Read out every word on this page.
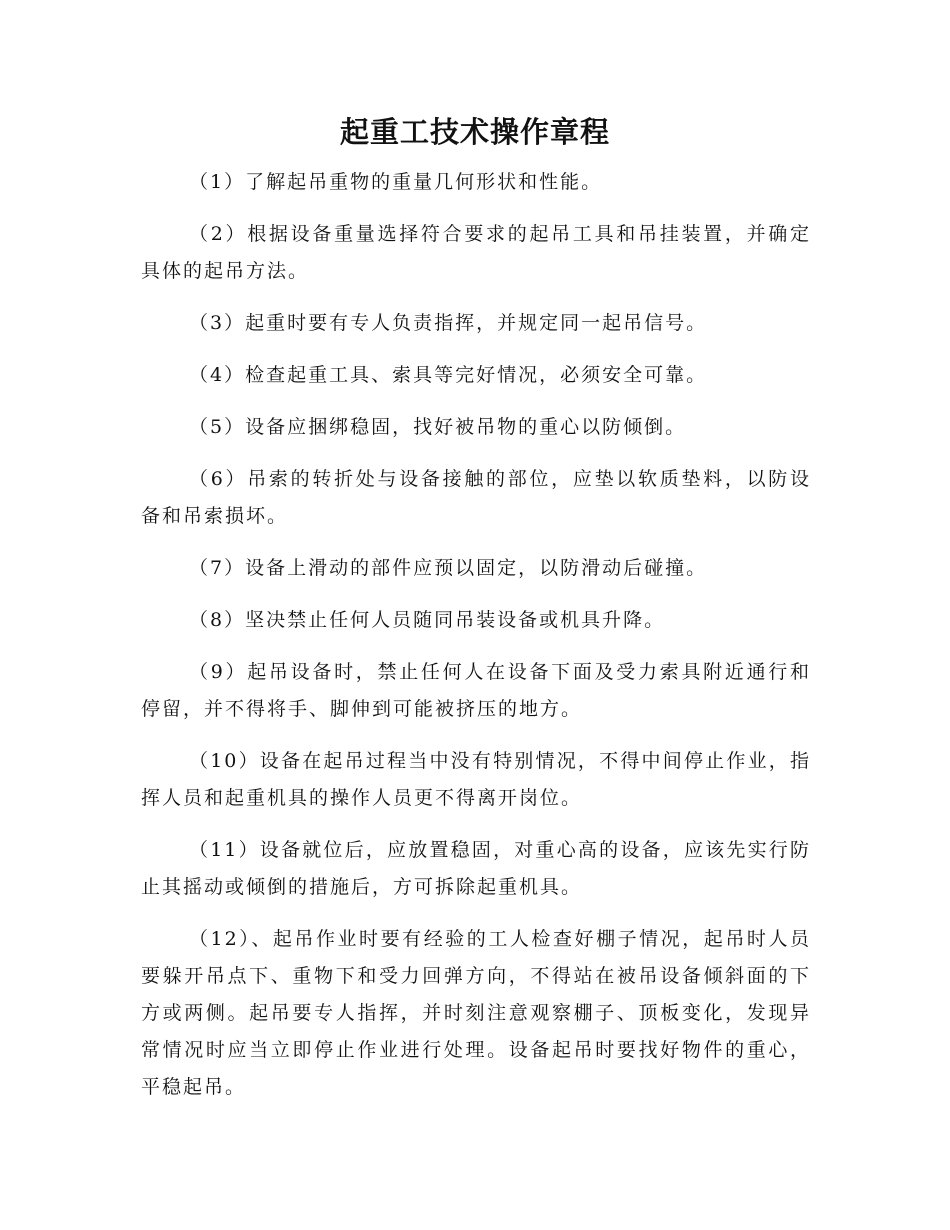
起重工技术操作章程

（1）了解起吊重物的重量几何形状和性能。

（2）根据设备重量选择符合要求的起吊工具和吊挂装置，并确定具体的起吊方法。

（3）起重时要有专人负责指挥，并规定同一起吊信号。

（4）检查起重工具、索具等完好情况，必须安全可靠。

（5）设备应捆绑稳固，找好被吊物的重心以防倾倒。

（6）吊索的转折处与设备接触的部位，应垫以软质垫料，以防设备和吊索损坏。

（7）设备上滑动的部件应预以固定，以防滑动后碰撞。

（8）坚决禁止任何人员随同吊装设备或机具升降。

（9）起吊设备时，禁止任何人在设备下面及受力索具附近通行和停留，并不得将手、脚伸到可能被挤压的地方。

（10）设备在起吊过程当中没有特别情况，不得中间停止作业，指挥人员和起重机具的操作人员更不得离开岗位。

（11）设备就位后，应放置稳固，对重心高的设备，应该先实行防止其摇动或倾倒的措施后，方可拆除起重机具。

（12）、起吊作业时要有经验的工人检查好棚子情况，起吊时人员要躲开吊点下、重物下和受力回弹方向，不得站在被吊设备倾斜面的下方或两侧。起吊要专人指挥，并时刻注意观察棚子、顶板变化，发现异常情况时应当立即停止作业进行处理。设备起吊时要找好物件的重心，平稳起吊。
